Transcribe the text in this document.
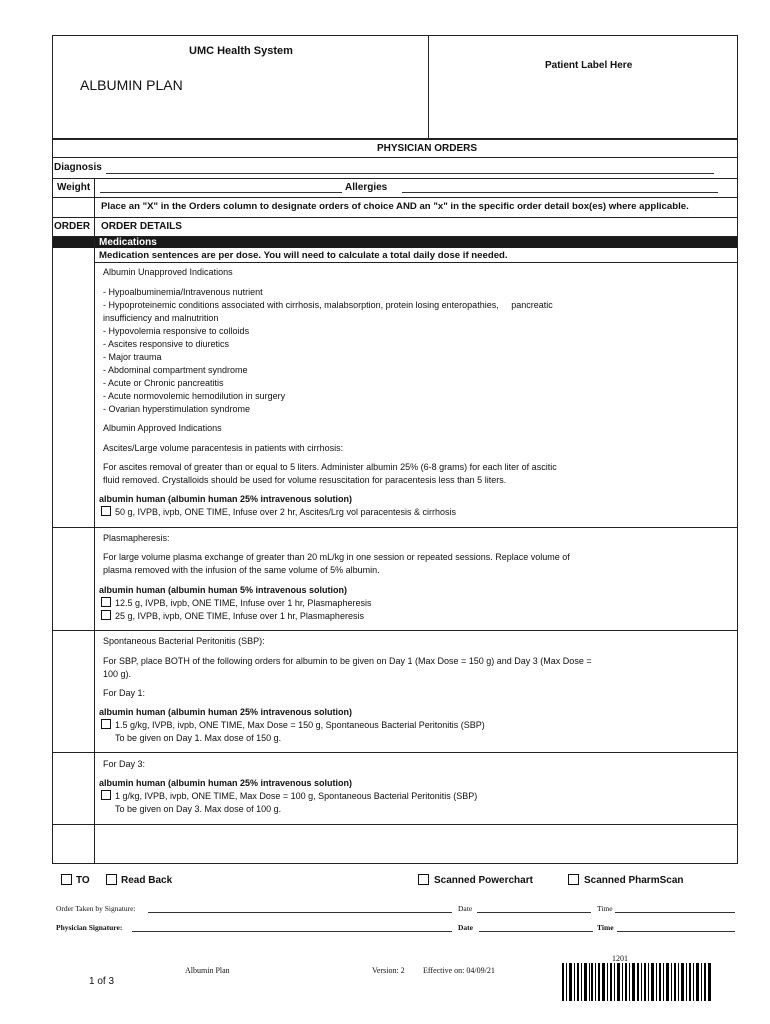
UMC Health System
ALBUMIN PLAN
Patient Label Here
PHYSICIAN ORDERS
Diagnosis
Weight	Allergies
Place an "X" in the Orders column to designate orders of choice AND an "x" in the specific order detail box(es) where applicable.
ORDER ORDER DETAILS
Medications
Medication sentences are per dose. You will need to calculate a total daily dose if needed.
Albumin Unapproved Indications
- Hypoalbuminemia/Intravenous nutrient
- Hypoproteinemic conditions associated with cirrhosis, malabsorption, protein losing enteropathies,     pancreatic
insufficiency and malnutrition
- Hypovolemia responsive to colloids
- Ascites responsive to diuretics
- Major trauma
- Abdominal compartment syndrome
- Acute or Chronic pancreatitis
- Acute normovolemic hemodilution in surgery
- Ovarian hyperstimulation syndrome
Albumin Approved Indications
Ascites/Large volume paracentesis in patients with cirrhosis:
For ascites removal of greater than or equal to 5 liters. Administer albumin 25% (6-8 grams) for each liter of ascitic
fluid removed. Crystalloids should be used for volume resuscitation for paracentesis less than 5 liters.
albumin human (albumin human 25% intravenous solution)
50 g, IVPB, ivpb, ONE TIME, Infuse over 2 hr, Ascites/Lrg vol paracentesis & cirrhosis
Plasmapheresis:
For large volume plasma exchange of greater than 20 mL/kg in one session or repeated sessions. Replace volume of
plasma removed with the infusion of the same volume of 5% albumin.
albumin human (albumin human 5% intravenous solution)
12.5 g, IVPB, ivpb, ONE TIME, Infuse over 1 hr, Plasmapheresis
25 g, IVPB, ivpb, ONE TIME, Infuse over 1 hr, Plasmapheresis
Spontaneous Bacterial Peritonitis (SBP):
For SBP, place BOTH of the following orders for albumin to be given on Day 1 (Max Dose = 150 g) and Day 3 (Max Dose =
100 g).
For Day 1:
albumin human (albumin human 25% intravenous solution)
1.5 g/kg, IVPB, ivpb, ONE TIME, Max Dose = 150 g, Spontaneous Bacterial Peritonitis (SBP)
To be given on Day 1. Max dose of 150 g.
For Day 3:
albumin human (albumin human 25% intravenous solution)
1 g/kg, IVPB, ivpb, ONE TIME, Max Dose = 100 g, Spontaneous Bacterial Peritonitis (SBP)
To be given on Day 3. Max dose of 100 g.
TO	Read Back	Scanned Powerchart	Scanned PharmScan
Order Taken by Signature:	Date	Time
Physician Signature:	Date	Time
Albumin Plan	Version: 2 Effective on: 04/09/21
1 of 3
1201
